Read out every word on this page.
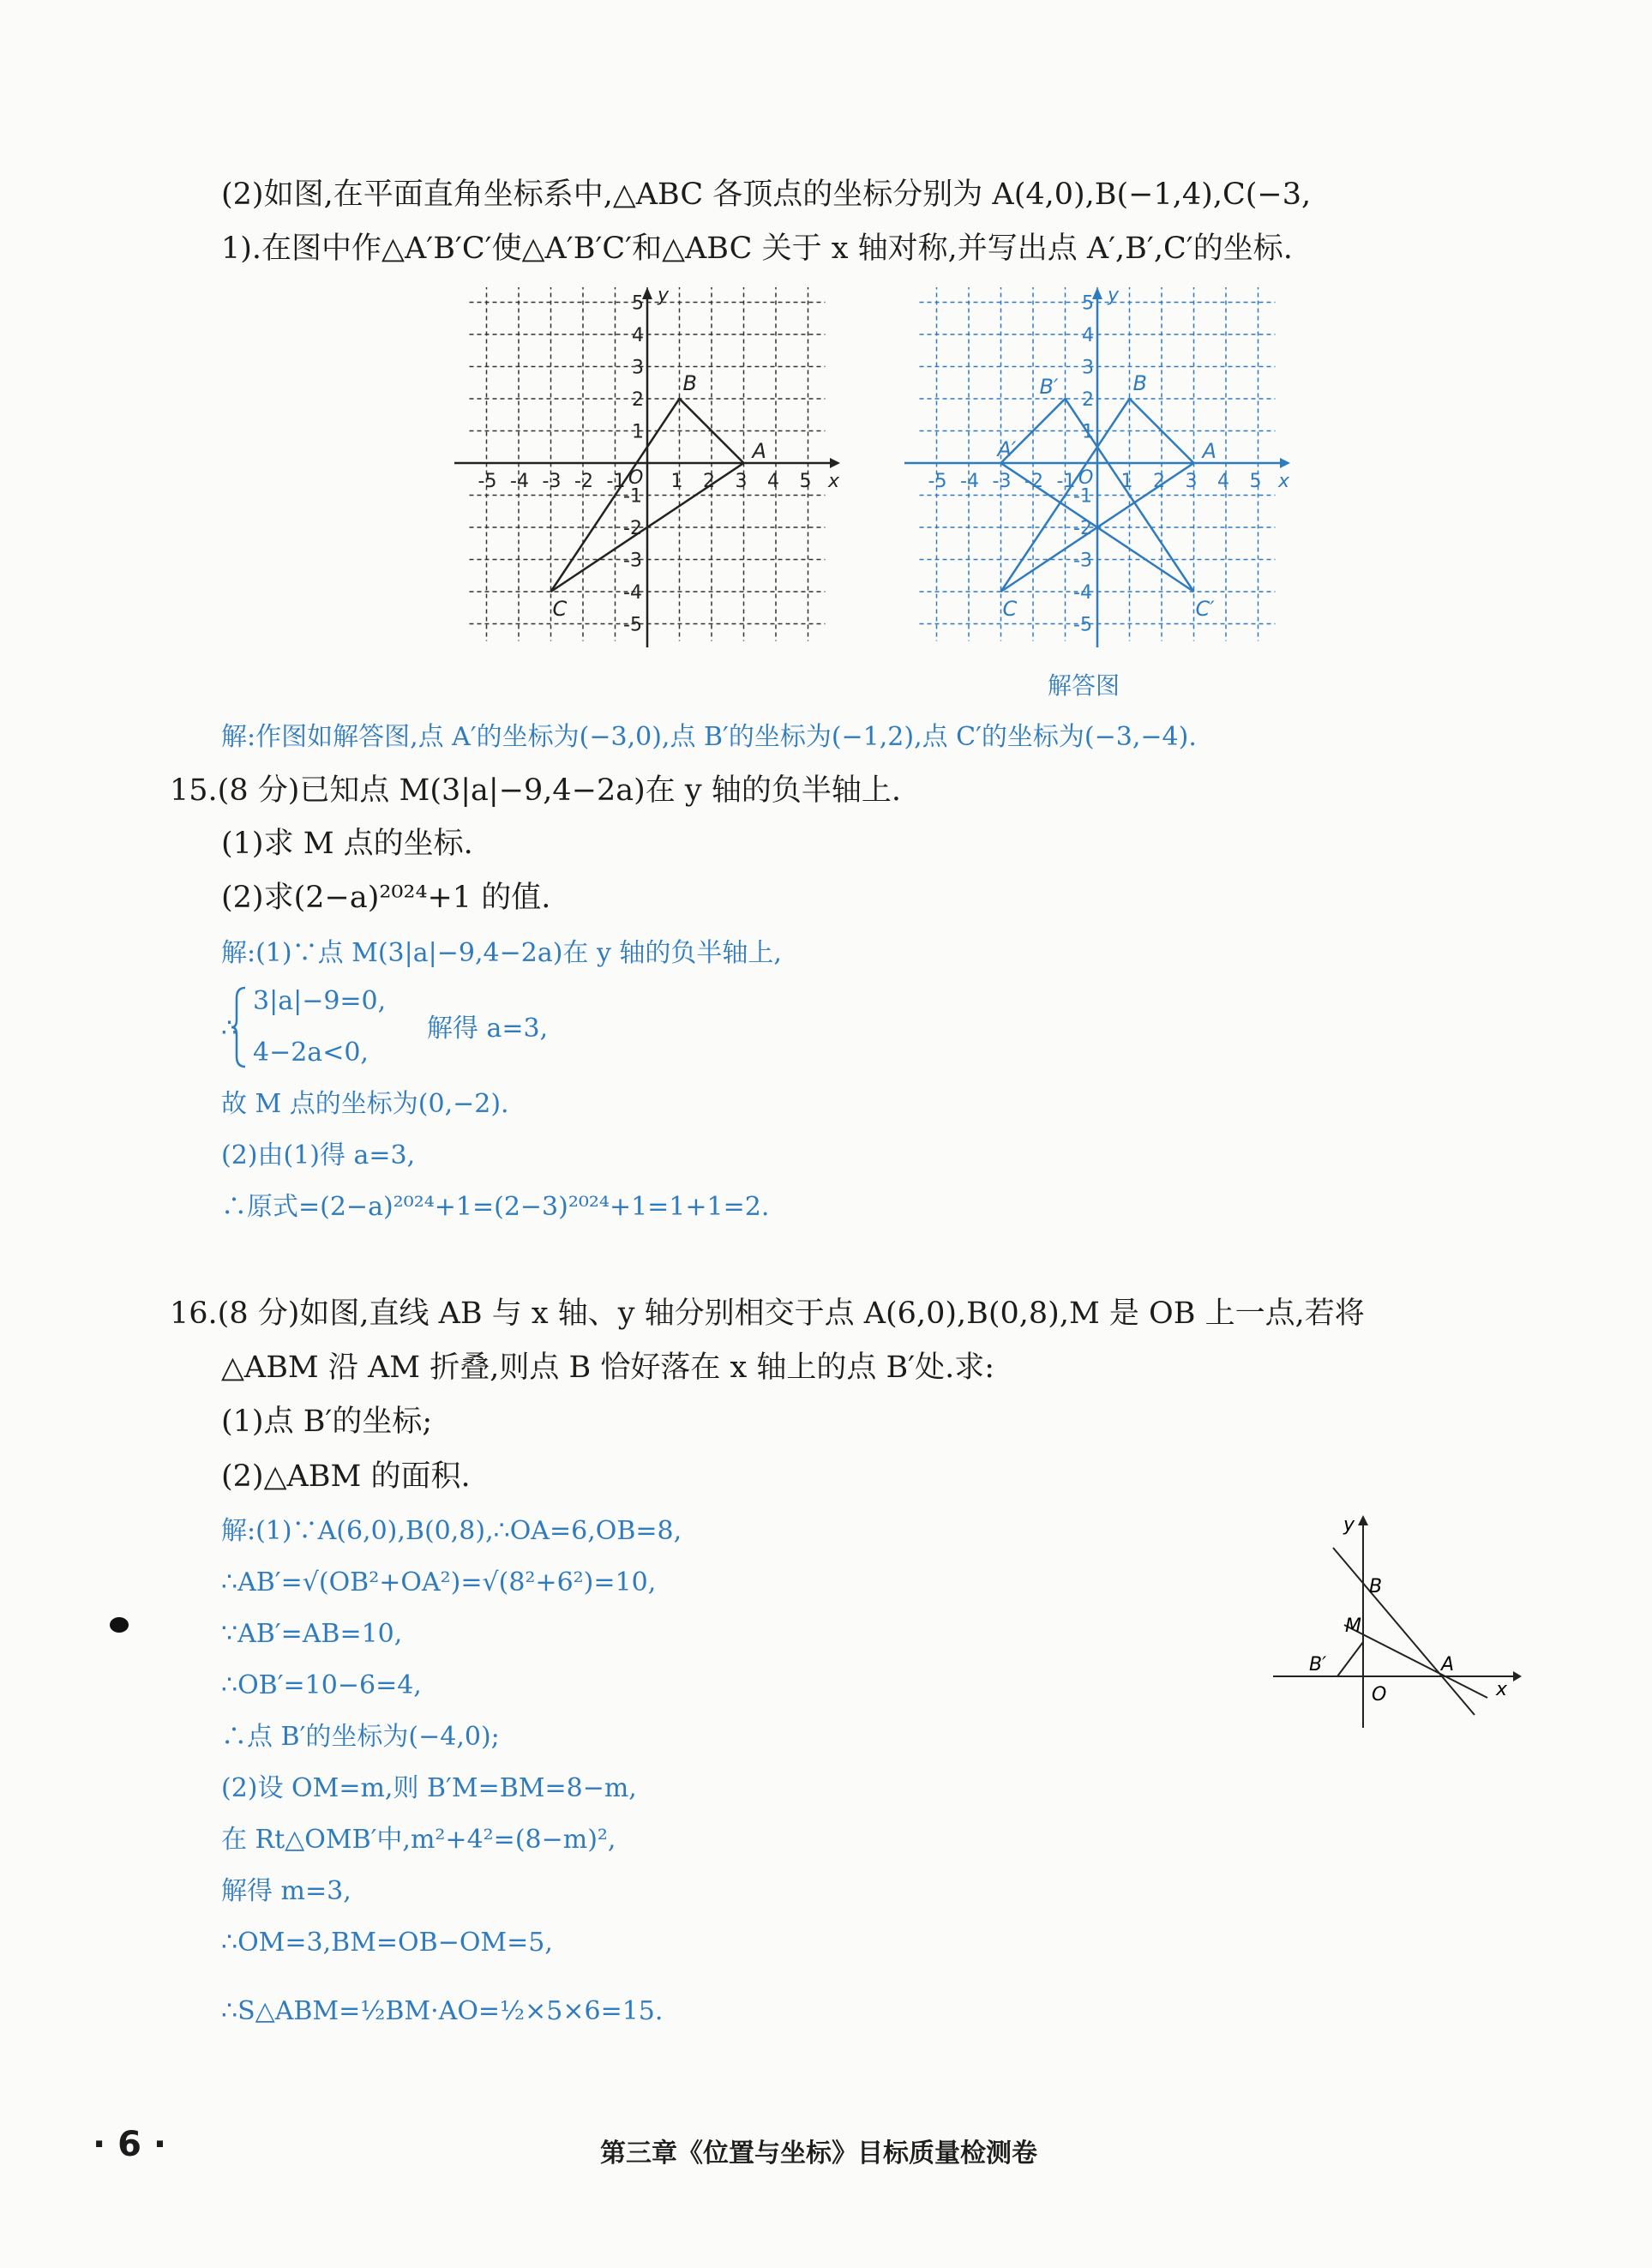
(2)如图,在平面直角坐标系中,△ABC 各顶点的坐标分别为 A(4,0),B(−1,4),C(−3,
1).在图中作△A′B′C′使△A′B′C′和△ABC 关于 x 轴对称,并写出点 A′,B′,C′的坐标.
-5 -4 -3 -2 -1 1 2 3 4 5
5
4
3
2
1
-1
-2
-3
-4
-5
O	x
y
A
B
C
-5 -4 -3 -2 -1 1 2 3 4 5
5
4
3
2
1
-1
-2
-3
-4
-5
O	x
y
A
B
C
A′
B′
C′
解答图
解:作图如解答图,点 A′的坐标为(−3,0),点 B′的坐标为(−1,2),点 C′的坐标为(−3,−4).
15.(8 分)已知点 M(3|a|−9,4−2a)在 y 轴的负半轴上.
(1)求 M 点的坐标.
(2)求(2−a)²⁰²⁴+1 的值.
解:(1)∵点 M(3|a|−9,4−2a)在 y 轴的负半轴上,
∴
3|a|−9=0,
4−2a<0,
解得 a=3,
故 M 点的坐标为(0,−2).
(2)由(1)得 a=3,
∴原式=(2−a)²⁰²⁴+1=(2−3)²⁰²⁴+1=1+1=2.
16.(8 分)如图,直线 AB 与 x 轴、y 轴分别相交于点 A(6,0),B(0,8),M 是 OB 上一点,若将
△ABM 沿 AM 折叠,则点 B 恰好落在 x 轴上的点 B′处.求:
(1)点 B′的坐标;
(2)△ABM 的面积.
解:(1)∵A(6,0),B(0,8),∴OA=6,OB=8,
∴AB′=√(OB²+OA²)=√(8²+6²)=10,
∵AB′=AB=10,
∴OB′=10−6=4,
∴点 B′的坐标为(−4,0);
(2)设 OM=m,则 B′M=BM=8−m,
在 Rt△OMB′中,m²+4²=(8−m)²,
解得 m=3,
∴OM=3,BM=OB−OM=5,
∴S△ABM=½BM·AO=½×5×6=15.
y
B
M
B′
O
A
x
· 6 ·	第三章《位置与坐标》目标质量检测卷
